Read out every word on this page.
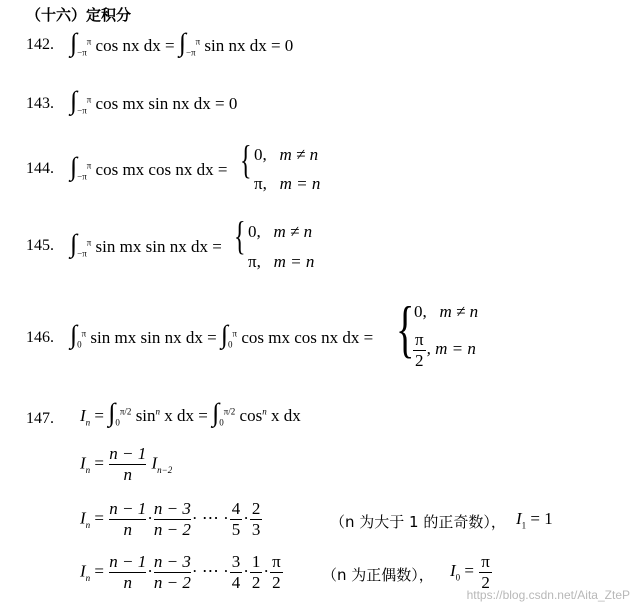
（十六）定积分
142. $\int_{-\pi}^\pi$ cos nx dx = $\int_{-\pi}^\pi$ sin nx dx = 0
143. $\int_{-\pi}^\pi$ cos mx sin nx dx = 0
144. $\int_{-\pi}^\pi$ cos mx cos nx dx = { 0, m ≠ n
π, m = n
145. $\int_{-\pi}^\pi$ sin mx sin nx dx = { 0, m ≠ n
π, m = n
146. $\int_0^\pi$ sin mx sin nx dx = $\int_0^\pi$ cos mx cos nx dx = { 0, m ≠ n
$\frac{\pi}{2}$ , m = n
147. $I_n = \int_0^{\pi/2}$ $\sin^n x$ dx = $\int_0^{\pi/2}$ $\cos^n x$ dx
$I_n = \frac{n - 1}{n} I_{n-2}$
$I_n = \frac{n - 1}{n} \cdot \frac{n - 3}{n - 2}$ · ⋯ · $\frac{4}{5} \cdot \frac{2}{3}$	（n 为大于 1 的正奇数）， $I_1 = 1$
$I_n = \frac{n - 1}{n} \cdot \frac{n - 3}{n - 2}$ · ⋯ · $\frac{3}{4} \cdot \frac{1}{2} \cdot \frac{\pi}{2}$	（n 为正偶数）， $I_0 = \frac{\pi}{2}$
https://blog.csdn.net/Aita_ZteP
